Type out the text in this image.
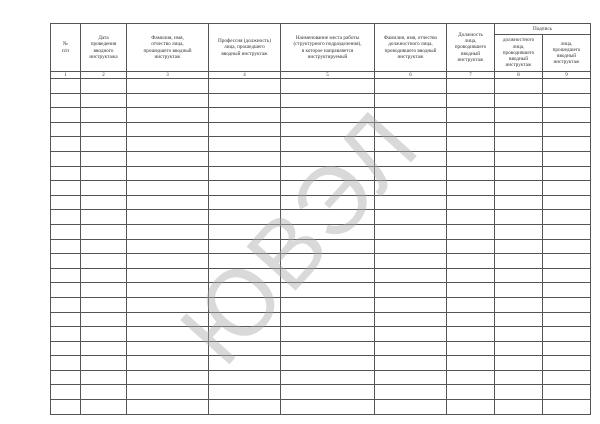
№
п/п	Дата
проведения
вводного
инструктажа	Фамилия, имя,
отчество лица,
прошедшего вводный
инструктаж	Профессия (должность)
лица, прошедшего
вводный инструктаж	Наименование места работы
(структурного подразделения),
в которое направляется
инструктируемый	Фамилия, имя, отчество
должностного лица,
проводившего вводный
инструктаж	Должность
лица,
проводившего
вводный
инструктаж	Подпись	
							должностного
лица,
проводившего
вводный
инструктаж	лица,
прошедшего
вводный
инструктаж
1	2	3	4	5	6	7	8	9

ЮВЭЛ
